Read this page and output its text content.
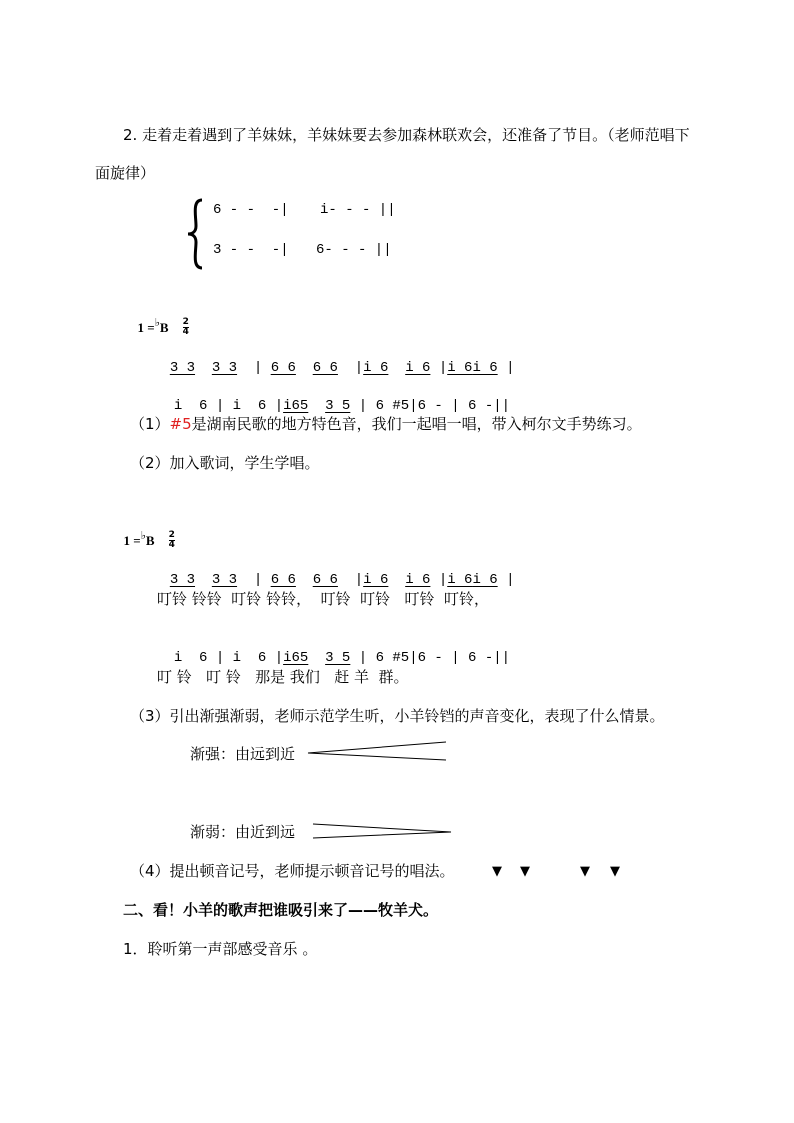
2. 走着走着遇到了羊妹妹，羊妹妹要去参加森林联欢会，还准备了节目。（老师范唱下
面旋律）
6 - -  -| i- - - ||
3 - -  -| 6- - - ||

$1 =^♭B \frac{2}{4}$

3 3 3 3 | 6 6 6 6 |i 6 i 6 |i 6i 6 |

i 6 | i 6 |i65 3 5 | 6 #5|6 - | 6 -||

（1）#5是湖南民歌的地方特色音，我们一起唱一唱，带入柯尔文手势练习。
（2）加入歌词，学生学唱。

$1 =^♭B \frac{2}{4}$

3 3 3 3 | 6 6 6 6 |i 6 i 6 |i 6i 6 |

叮铃 铃铃  叮铃 铃铃，  叮铃  叮铃   叮铃  叮铃，

i 6 | i 6 |i65 3 5 | 6 #5|6 - | 6 -||

叮 铃   叮 铃   那是 我们   赶 羊  群。
（3）引出渐强渐弱，老师示范学生听，小羊铃铛的声音变化，表现了什么情景。
渐强：由远到近
渐弱：由近到远
（4）提出顿音记号，老师提示顿音记号的唱法。	▼ ▼	▼ ▼
二、看！小羊的歌声把谁吸引来了——牧羊犬。
1．聆听第一声部感受音乐 。
